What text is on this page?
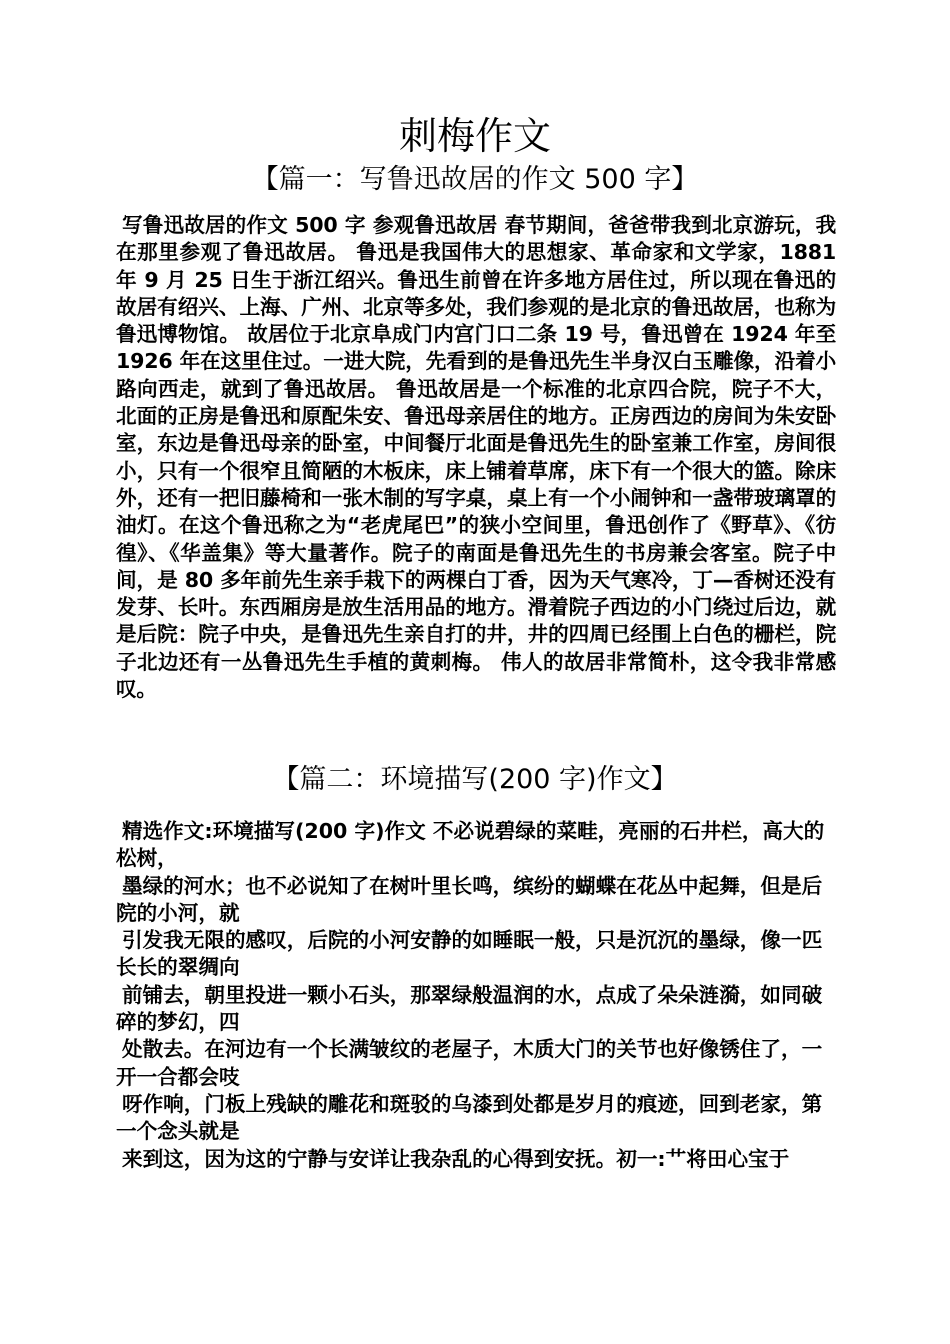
刺梅作文
【篇一：写鲁迅故居的作文 500 字】

写鲁迅故居的作文 500 字 参观鲁迅故居 春节期间，爸爸带我到北京游玩，我在那里参观了鲁迅故居。 鲁迅是我国伟大的思想家、革命家和文学家，1881 年 9 月 25 日生于浙江绍兴。鲁迅生前曾在许多地方居住过，所以现在鲁迅的故居有绍兴、上海、广州、北京等多处，我们参观的是北京的鲁迅故居，也称为鲁迅博物馆。 故居位于北京阜成门内宫门口二条 19 号，鲁迅曾在 1924 年至 1926 年在这里住过。一进大院，先看到的是鲁迅先生半身汉白玉雕像，沿着小路向西走，就到了鲁迅故居。 鲁迅故居是一个标准的北京四合院，院子不大，北面的正房是鲁迅和原配朱安、鲁迅母亲居住的地方。正房西边的房间为朱安卧室，东边是鲁迅母亲的卧室，中间餐厅北面是鲁迅先生的卧室兼工作室，房间很小，只有一个很窄且简陋的木板床，床上铺着草席，床下有一个很大的篮。除床外，还有一把旧藤椅和一张木制的写字桌，桌上有一个小闹钟和一盏带玻璃罩的油灯。在这个鲁迅称之为“老虎尾巴”的狭小空间里，鲁迅创作了《野草》、《彷徨》、《华盖集》等大量著作。院子的南面是鲁迅先生的书房兼会客室。院子中间，是 80 多年前先生亲手栽下的两棵白丁香，因为天气寒冷，丁—香树还没有发芽、长叶。东西厢房是放生活用品的地方。滑着院子西边的小门绕过后边，就是后院：院子中央，是鲁迅先生亲自打的井，井的四周已经围上白色的栅栏，院子北边还有一丛鲁迅先生手植的黄刺梅。 伟人的故居非常简朴，这令我非常感叹。

【篇二：环境描写(200 字)作文】
精选作文:环境描写(200 字)作文 不必说碧绿的菜畦，亮丽的石井栏，高大的松树，
墨绿的河水；也不必说知了在树叶里长鸣，缤纷的蝴蝶在花丛中起舞，但是后院的小河，就
引发我无限的感叹，后院的小河安静的如睡眠一般，只是沉沉的墨绿，像一匹长长的翠绸向
前铺去，朝里投进一颗小石头，那翠绿般温润的水，点成了朵朵涟漪，如同破碎的梦幻，四
处散去。在河边有一个长满皱纹的老屋子，木质大门的关节也好像锈住了，一开一合都会吱
呀作响，门板上残缺的雕花和斑驳的乌漆到处都是岁月的痕迹，回到老家，第一个念头就是
来到这，因为这的宁静与安详让我杂乱的心得到安抚。初一:艹将田心宝于
